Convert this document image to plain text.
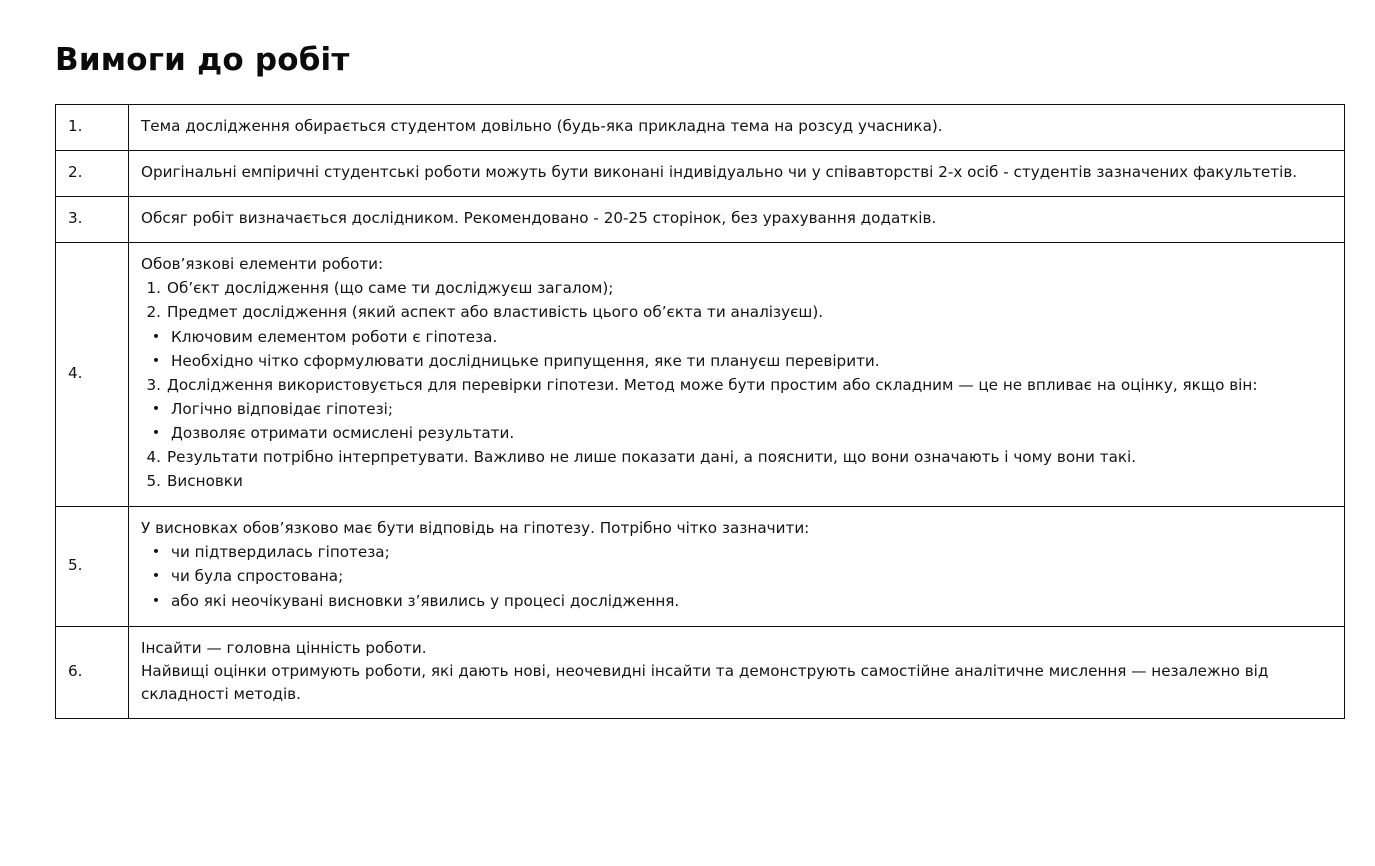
Вимоги до робіт
1.	Тема дослідження обирається студентом довільно (будь-яка прикладна тема на розсуд учасника).

2.	Оригінальні емпіричні студентські роботи можуть бути виконані індивідуально чи у співавторстві 2-х осіб - студентів зазначених факультетів.

3.	Обсяг робіт визначається дослідником. Рекомендовано - 20-25 сторінок, без урахування додатків.

4.	
Обов’язкові елементи роботи:
1. Об’єкт дослідження (що саме ти досліджуєш загалом);
2. Предмет дослідження (який аспект або властивість цього об’єкта ти аналізуєш).
• Ключовим елементом роботи є гіпотеза.
• Необхідно чітко сформулювати дослідницьке припущення, яке ти плануєш перевірити.
3. Дослідження використовується для перевірки гіпотези. Метод може бути простим або складним — це не впливає на оцінку, якщо він:
• Логічно відповідає гіпотезі;
• Дозволяє отримати осмислені результати.
4. Результати потрібно інтерпретувати. Важливо не лише показати дані, а пояснити, що вони означають і чому вони такі.
5. Висновки

5.	
У висновках обов’язково має бути відповідь на гіпотезу. Потрібно чітко зазначити:
• чи підтвердилась гіпотеза;
• чи була спростована;
• або які неочікувані висновки з’явились у процесі дослідження.

6.	Інсайти — головна цінність роботи.
Найвищі оцінки отримують роботи, які дають нові, неочевидні інсайти та демонструють самостійне аналітичне мислення — незалежно від складності методів.
